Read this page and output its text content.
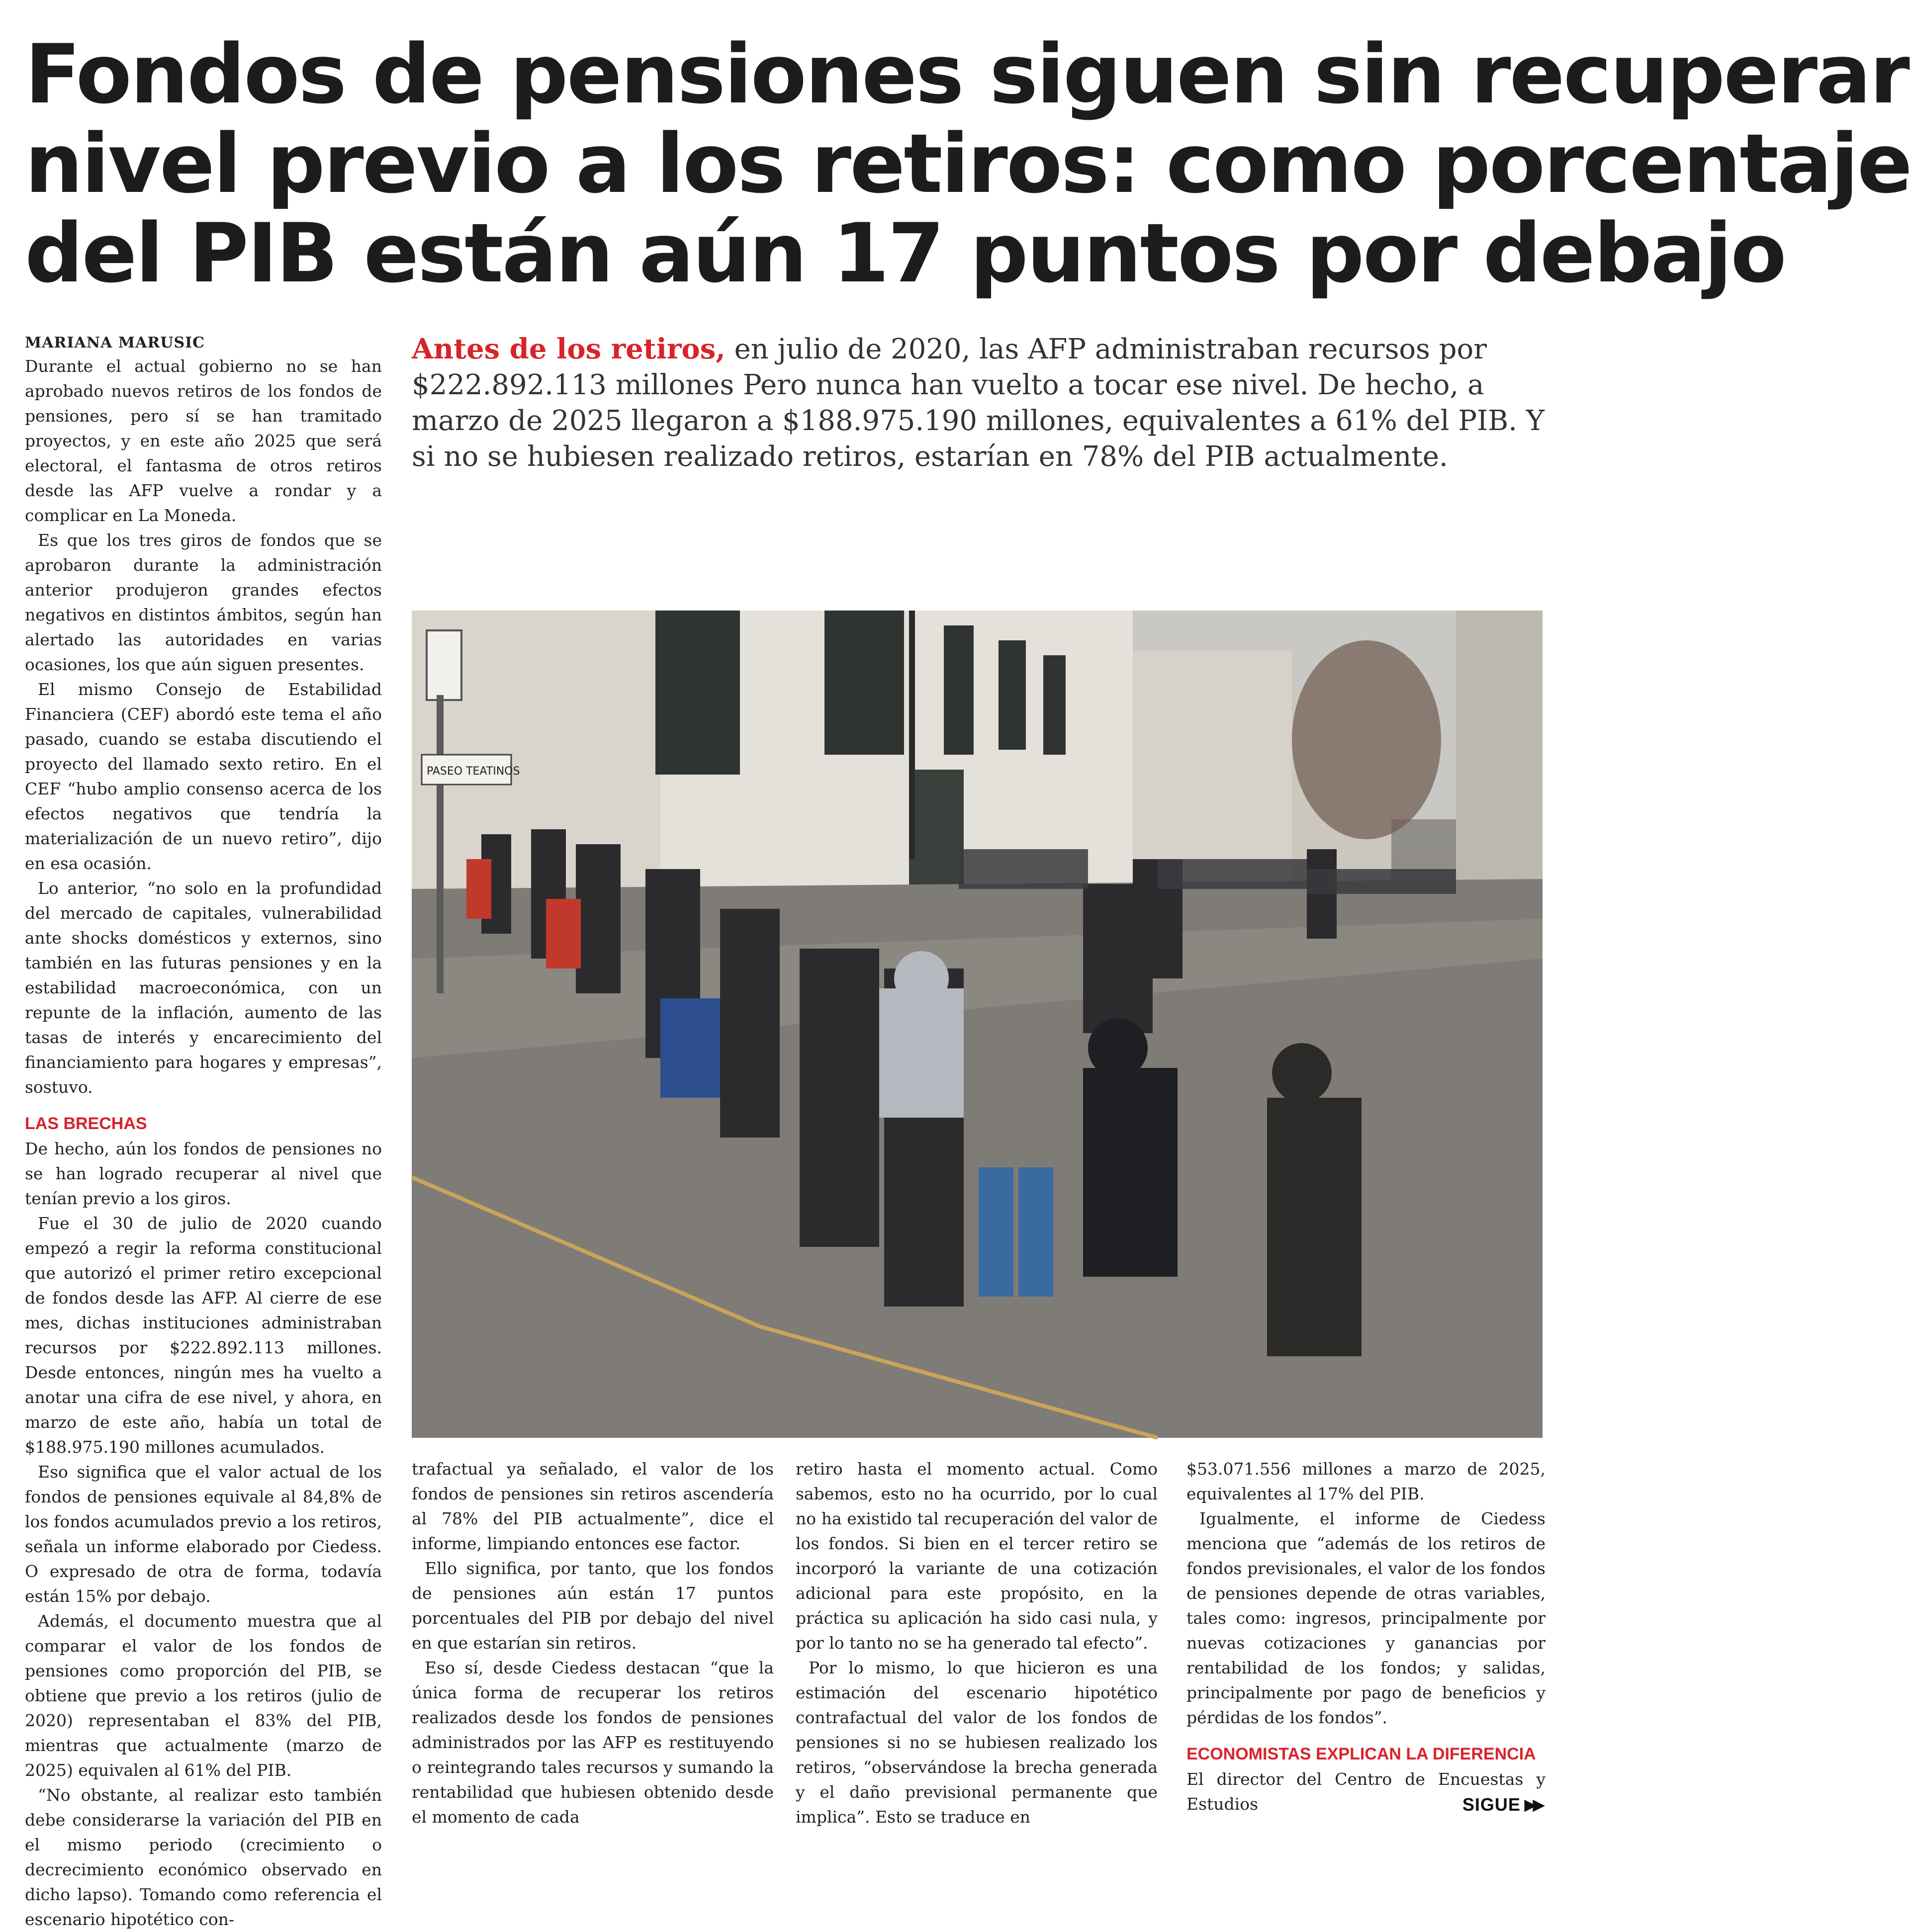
Fondos de pensiones siguen sin recuperar
nivel previo a los retiros: como porcentaje
del PIB están aún 17 puntos por debajo
MARIANA MARUSIC

Durante el actual gobierno no se han aprobado nuevos retiros de los fondos de pensiones, pero sí se han tramitado proyectos, y en este año 2025 que será electoral, el fantasma de otros retiros desde las AFP vuelve a rondar y a complicar en La Moneda.

Es que los tres giros de fondos que se aprobaron durante la administración anterior produjeron grandes efectos negativos en distintos ámbitos, según han alertado las autoridades en varias ocasiones, los que aún siguen presentes.

El mismo Consejo de Estabilidad Financiera (CEF) abordó este tema el año pasado, cuando se estaba discutiendo el proyecto del llamado sexto retiro. En el CEF “hubo amplio consenso acerca de los efectos negativos que tendría la materialización de un nuevo retiro”, dijo en esa ocasión.

Lo anterior, “no solo en la profundidad del mercado de capitales, vulnerabilidad ante shocks domésticos y externos, sino también en las futuras pensiones y en la estabilidad macroeconómica, con un repunte de la inflación, aumento de las tasas de interés y encarecimiento del financiamiento para hogares y empresas”, sostuvo.

LAS BRECHAS

De hecho, aún los fondos de pensiones no se han logrado recuperar al nivel que tenían previo a los giros.

Fue el 30 de julio de 2020 cuando empezó a regir la reforma constitucional que autorizó el primer retiro excepcional de fondos desde las AFP. Al cierre de ese mes, dichas instituciones administraban recursos por $222.892.113 millones. Desde entonces, ningún mes ha vuelto a anotar una cifra de ese nivel, y ahora, en marzo de este año, había un total de $188.975.190 millones acumulados.

Eso significa que el valor actual de los fondos de pensiones equivale al 84,8% de los fondos acumulados previo a los retiros, señala un informe elaborado por Ciedess. O expresado de otra de forma, todavía están 15% por debajo.

Además, el documento muestra que al comparar el valor de los fondos de pensiones como proporción del PIB, se obtiene que previo a los retiros (julio de 2020) representaban el 83% del PIB, mientras que actualmente (marzo de 2025) equivalen al 61% del PIB.

“No obstante, al realizar esto también debe considerarse la variación del PIB en el mismo periodo (crecimiento o decrecimiento económico observado en dicho lapso). Tomando como referencia el escenario hipotético con-

Antes de los retiros, en julio de 2020, las AFP administraban recursos por $222.892.113 millones Pero nunca han vuelto a tocar ese nivel. De hecho, a marzo de 2025 llegaron a $188.975.190 millones, equivalentes a 61% del PIB. Y si no se hubiesen realizado retiros, estarían en 78% del PIB actualmente.

PASEO TEATINOS

trafactual ya señalado, el valor de los fondos de pensiones sin retiros ascendería al 78% del PIB actualmente”, dice el informe, limpiando entonces ese factor.

Ello significa, por tanto, que los fondos de pensiones aún están 17 puntos porcentuales del PIB por debajo del nivel en que estarían sin retiros.

Eso sí, desde Ciedess destacan “que la única forma de recuperar los retiros realizados desde los fondos de pensiones administrados por las AFP es restituyendo o reintegrando tales recursos y sumando la rentabilidad que hubiesen obtenido desde el momento de cada

retiro hasta el momento actual. Como sabemos, esto no ha ocurrido, por lo cual no ha existido tal recuperación del valor de los fondos. Si bien en el tercer retiro se incorporó la variante de una cotización adicional para este propósito, en la práctica su aplicación ha sido casi nula, y por lo tanto no se ha generado tal efecto”.

Por lo mismo, lo que hicieron es una estimación del escenario hipotético contrafactual del valor de los fondos de pensiones si no se hubiesen realizado los retiros, “observándose la brecha generada y el daño previsional permanente que implica”. Esto se traduce en

$53.071.556 millones a marzo de 2025, equivalentes al 17% del PIB.

Igualmente, el informe de Ciedess menciona que “además de los retiros de fondos previsionales, el valor de los fondos de pensiones depende de otras variables, tales como: ingresos, principalmente por nuevas cotizaciones y ganancias por rentabilidad de los fondos; y salidas, principalmente por pago de beneficios y pérdidas de los fondos”.

ECONOMISTAS EXPLICAN LA DIFERENCIA

El director del Centro de Encuestas y Estudios	SIGUE ▶▶
